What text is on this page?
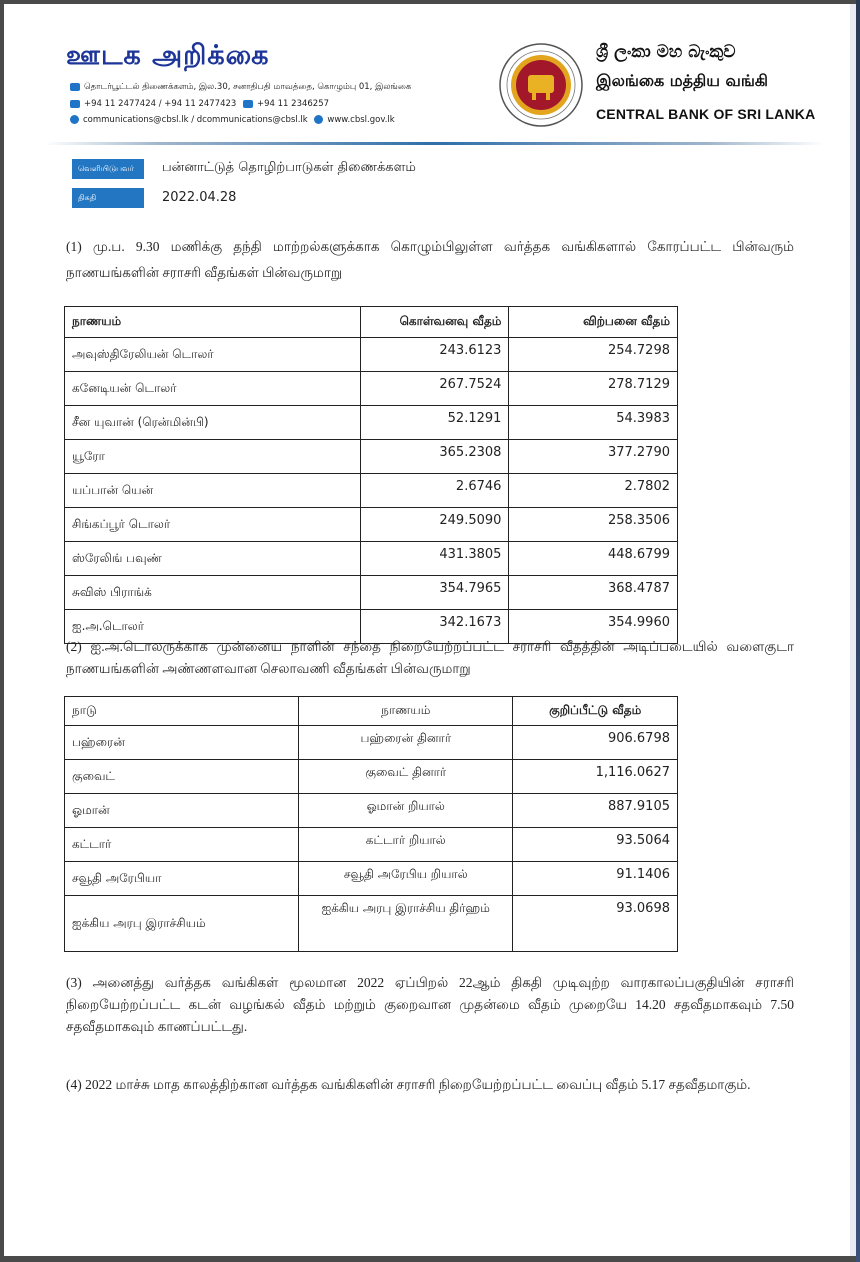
ஊடக அறிக்கை
தொடர்பூட்டல் திணைக்களம், இல.30, சனாதிபதி மாவத்தை, கொழும்பு 01, இலங்கை
+94 11 2477424 / +94 11 2477423 +94 11 2346257
communications@cbsl.lk / dcommunications@cbsl.lk www.cbsl.gov.lk
ශ්‍රී ලංකා මහ බැංකුව
இலங்கை மத்திய வங்கி
CENTRAL BANK OF SRI LANKA
வெளியிடுபவர்	பன்னாட்டுத் தொழிற்பாடுகள் திணைக்களம்
திகதி	2022.04.28
(1) மு.ப. 9.30 மணிக்கு தந்தி மாற்றல்களுக்காக கொழும்பிலுள்ள வர்த்தக வங்கிகளால் கோரப்பட்ட பின்வரும் நாணயங்களின் சராசரி வீதங்கள் பின்வருமாறு
நாணயம்	கொள்வனவு வீதம்	விற்பனை வீதம்
அவுஸ்திரேலியன் டொலர்	243.6123	254.7298
கனேடியன் டொலர்	267.7524	278.7129
சீன யுவான் (ரென்மின்பி)	52.1291	54.3983
யூரோ	365.2308	377.2790
யப்பான் யென்	2.6746	2.7802
சிங்கப்பூர் டொலர்	249.5090	258.3506
ஸ்ரேலிங் பவுண்	431.3805	448.6799
சுவிஸ் பிராங்க்	354.7965	368.4787
ஐ.அ.டொலர்	342.1673	354.9960
(2) ஐ.அ.டொலருக்காக முன்னைய நாளின் சந்தை நிறையேற்றப்பட்ட சராசரி வீதத்தின் அடிப்படையில் வளைகுடா நாணயங்களின் அண்ணளவான செலாவணி வீதங்கள் பின்வருமாறு
நாடு	நாணயம்	குறிப்பீட்டு வீதம்
பஹ்ரைன்	பஹ்ரைன் தினார்	906.6798
குவைட்	குவைட் தினார்	1,116.0627
ஓமான்	ஓமான் றியால்	887.9105
கட்டார்	கட்டார் றியால்	93.5064
சவூதி அரேபியா	சவூதி அரேபிய றியால்	91.1406
ஐக்கிய அரபு இராச்சியம்	ஐக்கிய அரபு இராச்சிய திர்ஹம்	93.0698
(3) அனைத்து வர்த்தக வங்கிகள் மூலமான 2022 ஏப்பிறல் 22ஆம் திகதி முடிவுற்ற வாரகாலப்பகுதியின் சராசரி நிறையேற்றப்பட்ட கடன் வழங்கல் வீதம் மற்றும் குறைவான முதன்மை வீதம் முறையே 14.20 சதவீதமாகவும் 7.50 சதவீதமாகவும் காணப்பட்டது.
(4) 2022 மாச்சு மாத காலத்திற்கான வர்த்தக வங்கிகளின் சராசரி நிறையேற்றப்பட்ட வைப்பு வீதம் 5.17 சதவீதமாகும்.
